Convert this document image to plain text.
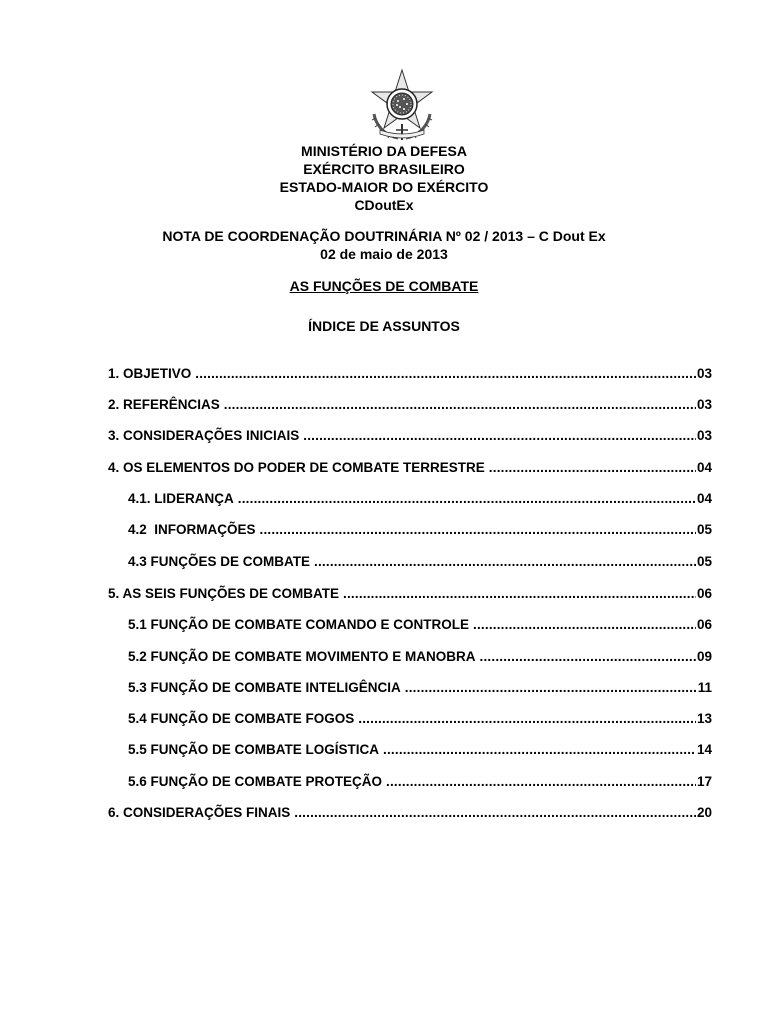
MINISTÉRIO DA DEFESA
EXÉRCITO BRASILEIRO
ESTADO-MAIOR DO EXÉRCITO
CDoutEx
NOTA DE COORDENAÇÃO DOUTRINÁRIA Nº 02 / 2013 – C Dout Ex
02 de maio de 2013
AS FUNÇÕES DE COMBATE
ÍNDICE DE ASSUNTOS
1. OBJETIVO .....	03
2. REFERÊNCIAS .....	03
3. CONSIDERAÇÕES INICIAIS .....	03
4. OS ELEMENTOS DO PODER DE COMBATE TERRESTRE .....	04
4.1. LIDERANÇA .....	04
4.2  INFORMAÇÕES .....	05
4.3 FUNÇÕES DE COMBATE .....	05
5. AS SEIS FUNÇÕES DE COMBATE .....	06
5.1 FUNÇÃO DE COMBATE COMANDO E CONTROLE .....	06
5.2 FUNÇÃO DE COMBATE MOVIMENTO E MANOBRA .....	09
5.3 FUNÇÃO DE COMBATE INTELIGÊNCIA .....	11
5.4 FUNÇÃO DE COMBATE FOGOS .....	13
5.5 FUNÇÃO DE COMBATE LOGÍSTICA .....	14
5.6 FUNÇÃO DE COMBATE PROTEÇÃO .....	17
6. CONSIDERAÇÕES FINAIS .....	20
